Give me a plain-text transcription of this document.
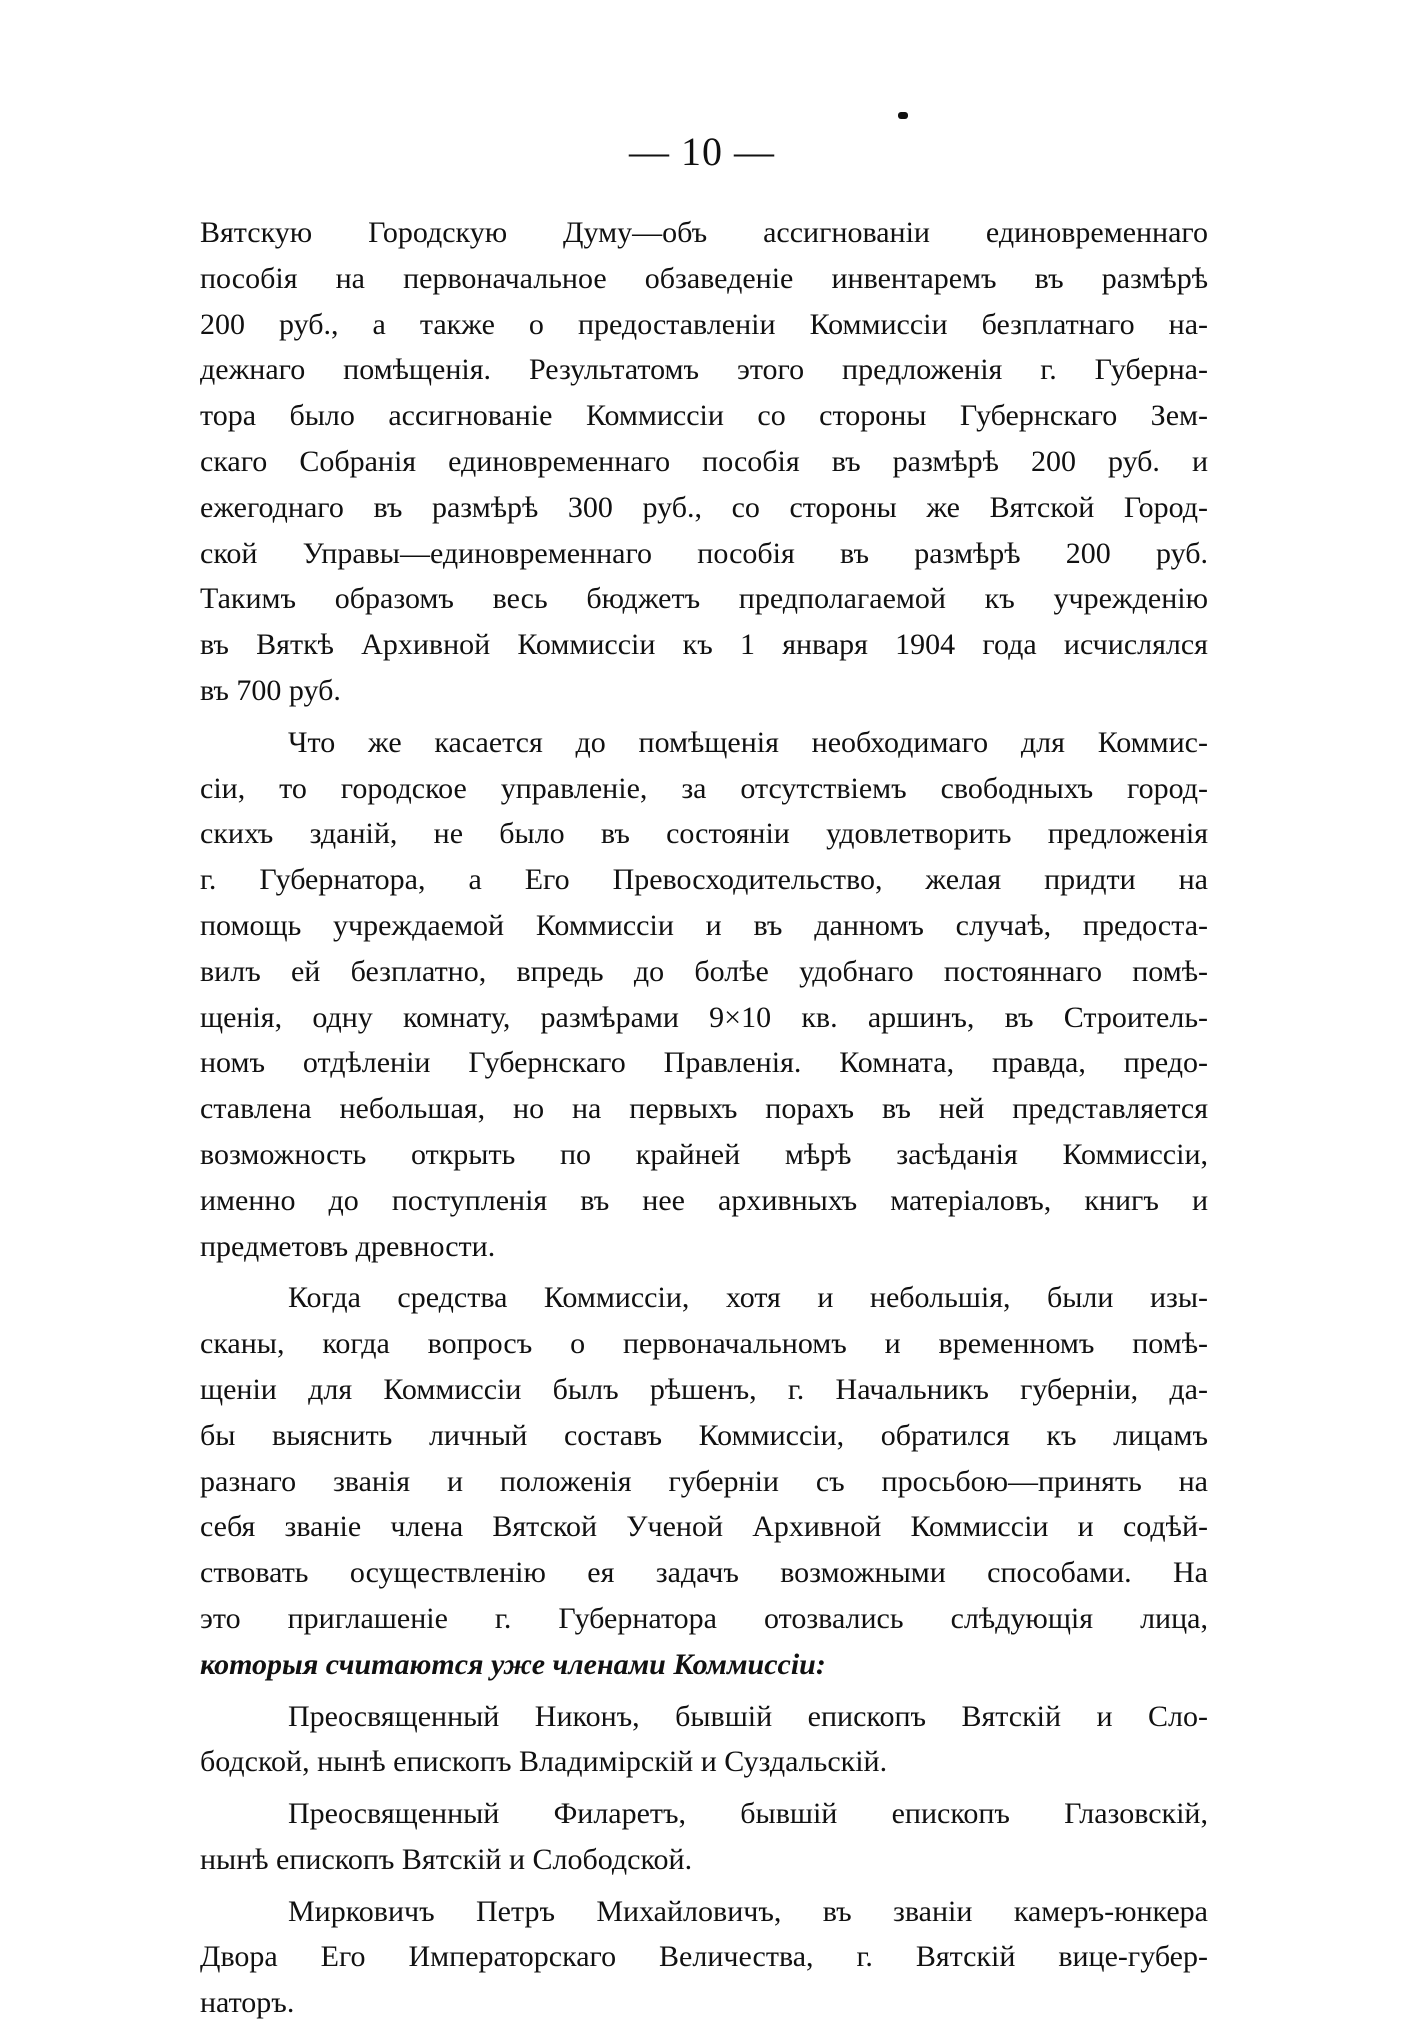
— 10 —
Вятскую Городскую Думу—объ ассигнованіи единовременнаго
пособія на первоначальное обзаведеніе инвентаремъ въ размѣрѣ
200 руб., а также о предоставленіи Коммиссіи безплатнаго на-
дежнаго помѣщенія. Результатомъ этого предложенія г. Губерна-
тора было ассигнованіе Коммиссіи со стороны Губернскаго Зем-
скаго Собранія единовременнаго пособія въ размѣрѣ 200 руб. и
ежегоднаго въ размѣрѣ 300 руб., со стороны же Вятской Город-
ской Управы—единовременнаго пособія въ размѣрѣ 200 руб.
Такимъ образомъ весь бюджетъ предполагаемой къ учрежденію
въ Вяткѣ Архивной Коммиссіи къ 1 января 1904 года исчислялся
въ 700 руб.
Что же касается до помѣщенія необходимаго для Коммис-
сіи, то городское управленіе, за отсутствіемъ свободныхъ город-
скихъ зданій, не было въ состояніи удовлетворить предложенія
г. Губернатора, а Его Превосходительство, желая придти на
помощь учреждаемой Коммиссіи и въ данномъ случаѣ, предоста-
вилъ ей безплатно, впредь до болѣе удобнаго постояннаго помѣ-
щенія, одну комнату, размѣрами 9×10 кв. аршинъ, въ Строитель-
номъ отдѣленіи Губернскаго Правленія. Комната, правда, предо-
ставлена небольшая, но на первыхъ порахъ въ ней представляется
возможность открыть по крайней мѣрѣ засѣданія Коммиссіи,
именно до поступленія въ нее архивныхъ матеріаловъ, книгъ и
предметовъ древности.
Когда средства Коммиссіи, хотя и небольшія, были изы-
сканы, когда вопросъ о первоначальномъ и временномъ помѣ-
щеніи для Коммиссіи былъ рѣшенъ, г. Начальникъ губерніи, да-
бы выяснить личный составъ Коммиссіи, обратился къ лицамъ
разнаго званія и положенія губерніи съ просьбою—принять на
себя званіе члена Вятской Ученой Архивной Коммиссіи и содѣй-
ствовать осуществленію ея задачъ возможными способами. На
это приглашеніе г. Губернатора отозвались слѣдующія лица,
которыя считаются уже членами Коммиссіи:
Преосвященный Никонъ, бывшій епископъ Вятскій и Сло-
бодской, нынѣ епископъ Владимірскій и Суздальскій.
Преосвященный Филаретъ, бывшій епископъ Глазовскій,
нынѣ епископъ Вятскій и Слободской.
Мирковичъ Петръ Михайловичъ, въ званіи камеръ-юнкера
Двора Его Императорскаго Величества, г. Вятскій вице-губер-
наторъ.
